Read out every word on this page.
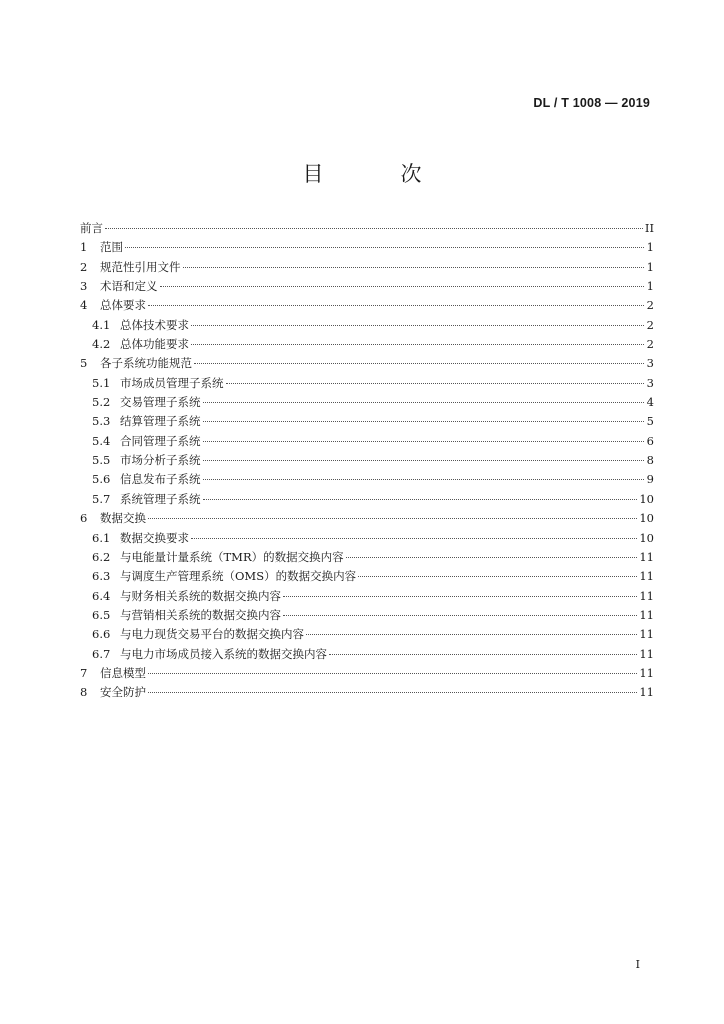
DL / T 1008 — 2019
目　次
前言	II
1	范围	1
2	规范性引用文件	1
3	术语和定义	1
4	总体要求	2
4.1 总体技术要求	2
4.2 总体功能要求	2
5	各子系统功能规范	3
5.1 市场成员管理子系统	3
5.2 交易管理子系统	4
5.3 结算管理子系统	5
5.4 合同管理子系统	6
5.5 市场分析子系统	8
5.6 信息发布子系统	9
5.7 系统管理子系统	10
6	数据交换	10
6.1 数据交换要求	10
6.2 与电能量计量系统（TMR）的数据交换内容	11
6.3 与调度生产管理系统（OMS）的数据交换内容	11
6.4 与财务相关系统的数据交换内容	11
6.5 与营销相关系统的数据交换内容	11
6.6 与电力现货交易平台的数据交换内容	11
6.7 与电力市场成员接入系统的数据交换内容	11
7	信息模型	11
8	安全防护	11
I
